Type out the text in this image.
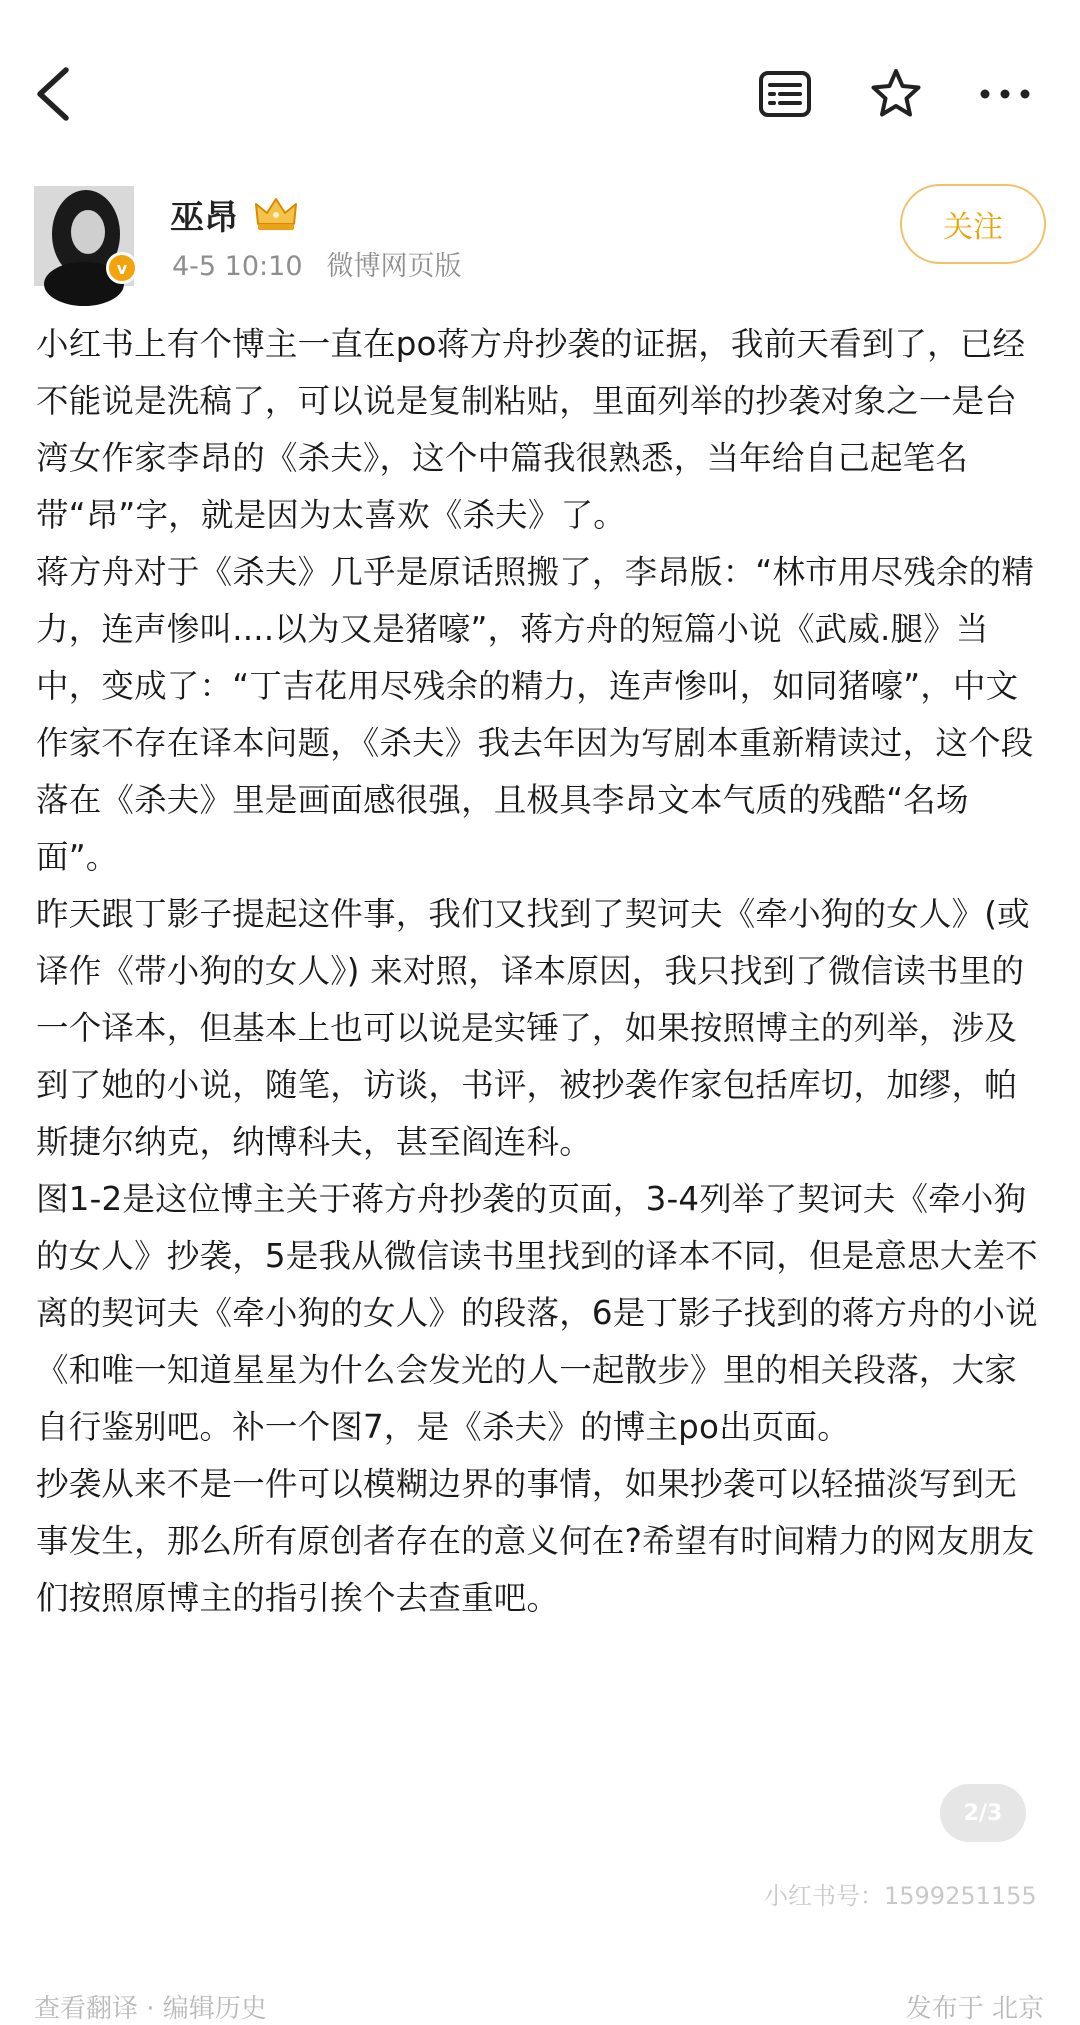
v
巫昂
4-5 10:10 微博网页版
关注

小红书上有个博主一直在po蒋方舟抄袭的证据，我前天看到了，已经不能说是洗稿了，可以说是复制粘贴，里面列举的抄袭对象之一是台湾女作家李昂的《杀夫》，这个中篇我很熟悉，当年给自己起笔名带“昂”字，就是因为太喜欢《杀夫》了。

蒋方舟对于《杀夫》几乎是原话照搬了，李昂版：“林市用尽残余的精力，连声惨叫....以为又是猪嚎”，蒋方舟的短篇小说《武威.腿》当中，变成了：“丁吉花用尽残余的精力，连声惨叫，如同猪嚎”，中文作家不存在译本问题，《杀夫》我去年因为写剧本重新精读过，这个段落在《杀夫》里是画面感很强，且极具李昂文本气质的残酷“名场面”。

昨天跟丁影子提起这件事，我们又找到了契诃夫《牵小狗的女人》(或译作《带小狗的女人》) 来对照，译本原因，我只找到了微信读书里的一个译本，但基本上也可以说是实锤了，如果按照博主的列举，涉及到了她的小说，随笔，访谈，书评，被抄袭作家包括库切，加缪，帕斯捷尔纳克，纳博科夫，甚至阎连科。

图1-2是这位博主关于蒋方舟抄袭的页面，3-4列举了契诃夫《牵小狗的女人》抄袭，5是我从微信读书里找到的译本不同，但是意思大差不离的契诃夫《牵小狗的女人》的段落，6是丁影子找到的蒋方舟的小说《和唯一知道星星为什么会发光的人一起散步》里的相关段落，大家自行鉴别吧。补一个图7，是《杀夫》的博主po出页面。

抄袭从来不是一件可以模糊边界的事情，如果抄袭可以轻描淡写到无事发生，那么所有原创者存在的意义何在?希望有时间精力的网友朋友们按照原博主的指引挨个去查重吧。

2/3
小红书号：1599251155
查看翻译 · 编辑历史	发布于 北京
